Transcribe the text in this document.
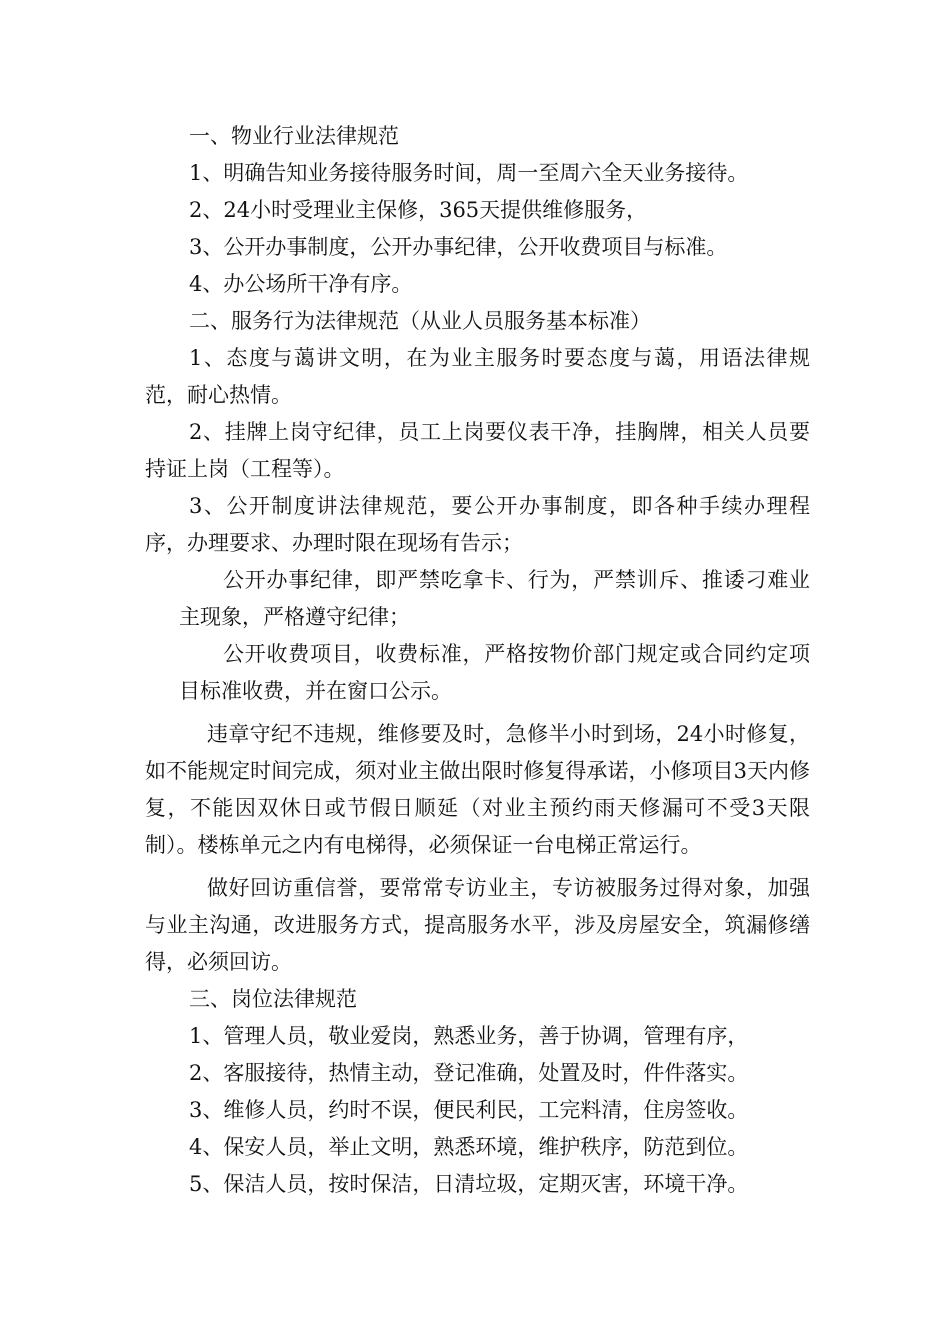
一、物业行业法律规范

1、明确告知业务接待服务时间，周一至周六全天业务接待。

2、24小时受理业主保修，365天提供维修服务，

3、公开办事制度，公开办事纪律，公开收费项目与标准。

4、办公场所干净有序。

二、服务行为法律规范（从业人员服务基本标准）

1、态度与蔼讲文明，在为业主服务时要态度与蔼，用语法律规范，耐心热情。

2、挂牌上岗守纪律，员工上岗要仪表干净，挂胸牌，相关人员要持证上岗（工程等）。

3、公开制度讲法律规范，要公开办事制度，即各种手续办理程序，办理要求、办理时限在现场有告示；

公开办事纪律，即严禁吃拿卡、行为，严禁训斥、推诿刁难业主现象，严格遵守纪律；

公开收费项目，收费标准，严格按物价部门规定或合同约定项目标准收费，并在窗口公示。

违章守纪不违规，维修要及时，急修半小时到场，24小时修复，如不能规定时间完成，须对业主做出限时修复得承诺，小修项目3天内修复，不能因双休日或节假日顺延（对业主预约雨天修漏可不受3天限制）。楼栋单元之内有电梯得，必须保证一台电梯正常运行。

做好回访重信誉，要常常专访业主，专访被服务过得对象，加强与业主沟通，改进服务方式，提高服务水平，涉及房屋安全，筑漏修缮得，必须回访。

三、岗位法律规范

1、管理人员，敬业爱岗，熟悉业务，善于协调，管理有序，

2、客服接待，热情主动，登记准确，处置及时，件件落实。

3、维修人员，约时不误，便民利民，工完料清，住房签收。

4、保安人员，举止文明，熟悉环境，维护秩序，防范到位。

5、保洁人员，按时保洁，日清垃圾，定期灭害，环境干净。
